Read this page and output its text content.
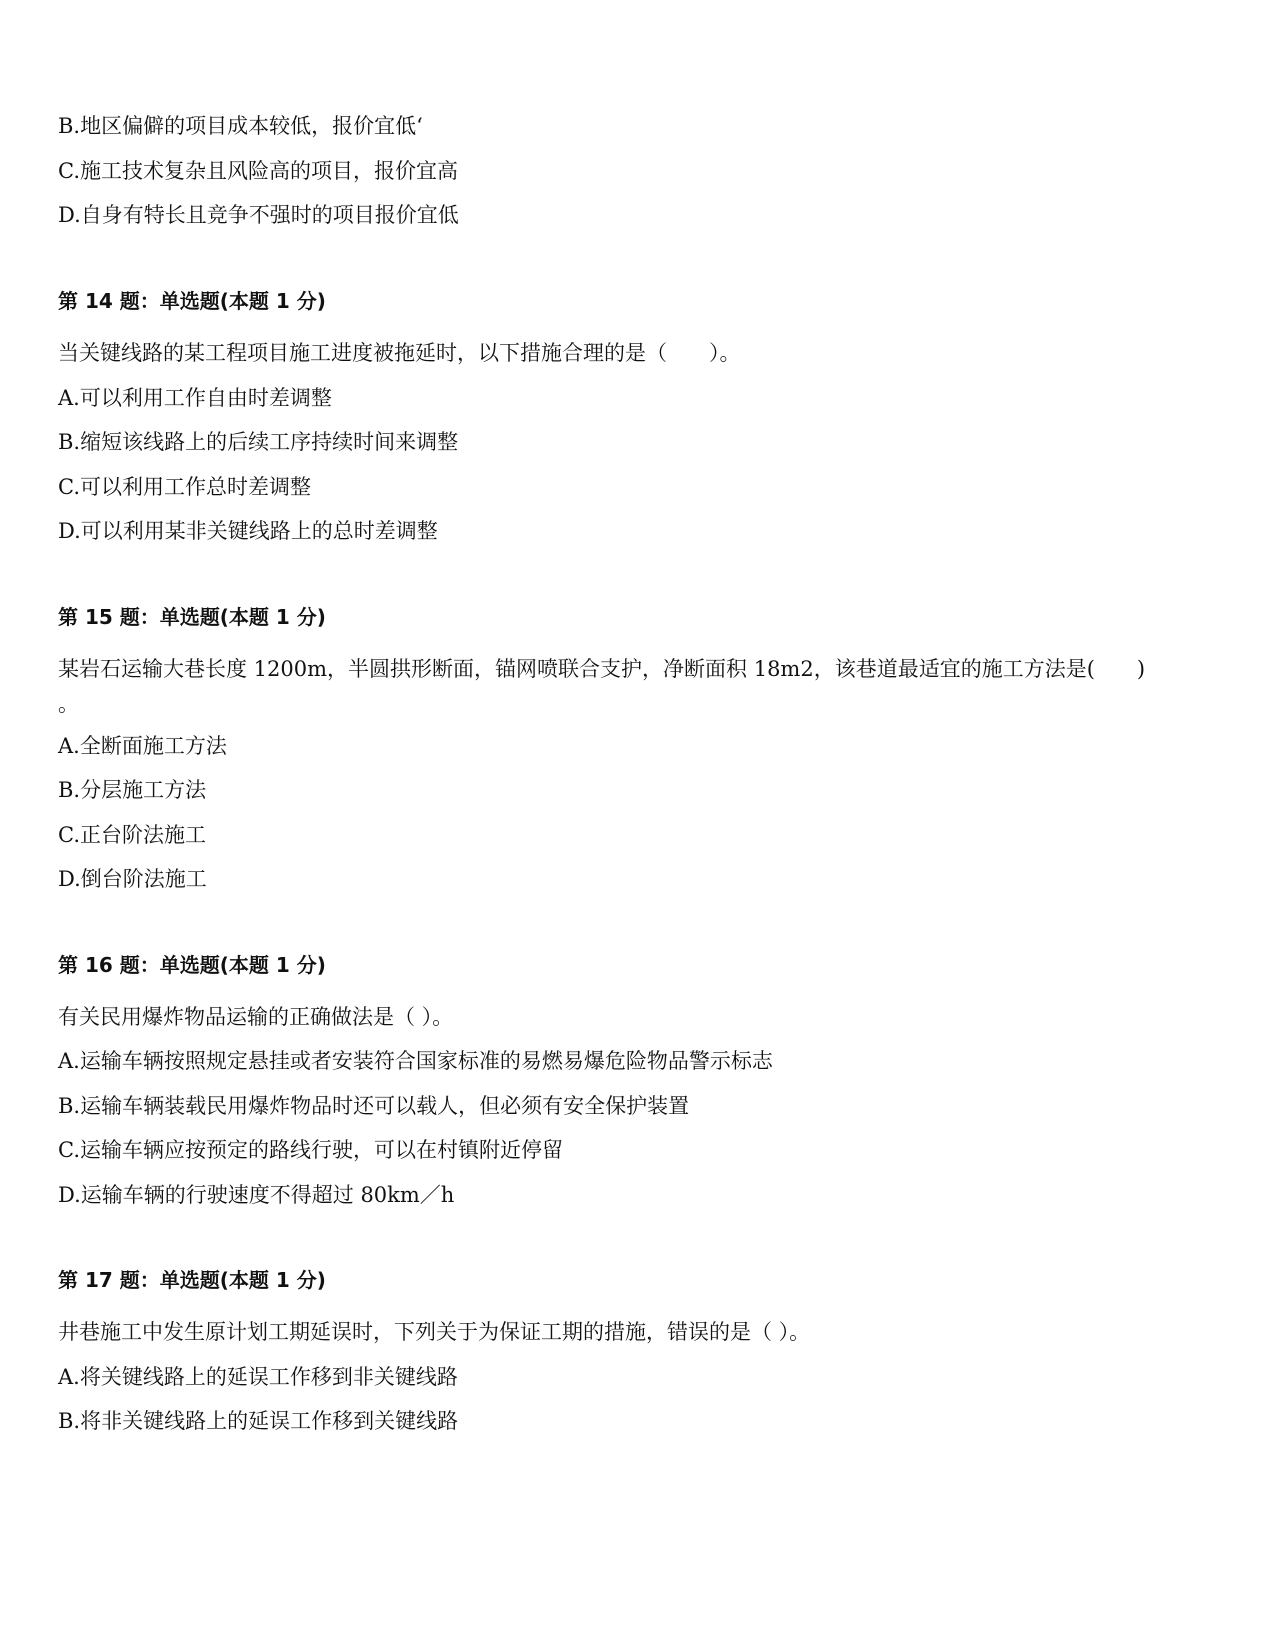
B.地区偏僻的项目成本较低，报价宜低‘

C.施工技术复杂且风险高的项目，报价宜高

D.自身有特长且竞争不强时的项目报价宜低

第 14 题：单选题(本题 1 分)

当关键线路的某工程项目施工进度被拖延时，以下措施合理的是（　　）。

A.可以利用工作自由时差调整

B.缩短该线路上的后续工序持续时间来调整

C.可以利用工作总时差调整

D.可以利用某非关键线路上的总时差调整

第 15 题：单选题(本题 1 分)

某岩石运输大巷长度 1200m，半圆拱形断面，锚网喷联合支护，净断面积 18m2，该巷道最适宜的施工方法是(　　)

。

A.全断面施工方法

B.分层施工方法

C.正台阶法施工

D.倒台阶法施工

第 16 题：单选题(本题 1 分)

有关民用爆炸物品运输的正确做法是（ ）。

A.运输车辆按照规定悬挂或者安装符合国家标准的易燃易爆危险物品警示标志

B.运输车辆装载民用爆炸物品时还可以载人，但必须有安全保护装置

C.运输车辆应按预定的路线行驶，可以在村镇附近停留

D.运输车辆的行驶速度不得超过 80km／h

第 17 题：单选题(本题 1 分)

井巷施工中发生原计划工期延误时，下列关于为保证工期的措施，错误的是（ ）。

A.将关键线路上的延误工作移到非关键线路

B.将非关键线路上的延误工作移到关键线路
